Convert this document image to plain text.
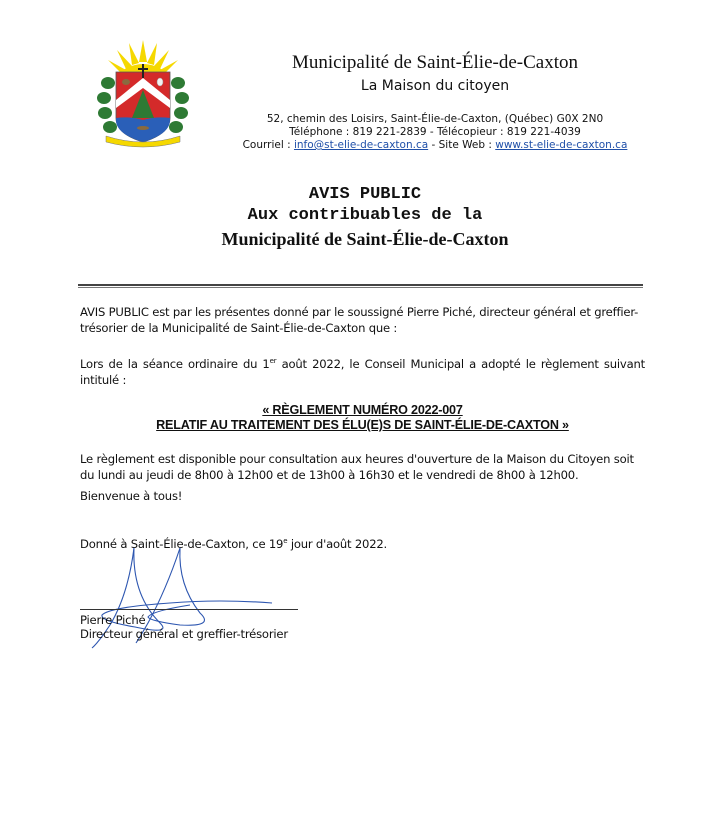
Municipalité de Saint-Élie-de-Caxton
La Maison du citoyen
52, chemin des Loisirs, Saint-Élie-de-Caxton, (Québec) G0X 2N0
Téléphone : 819 221-2839 - Télécopieur : 819 221-4039
Courriel : info@st-elie-de-caxton.ca - Site Web : www.st-elie-de-caxton.ca
AVIS PUBLIC
Aux contribuables de la
Municipalité de Saint-Élie-de-Caxton
AVIS PUBLIC est par les présentes donné par le soussigné Pierre Piché, directeur général et greffier-trésorier de la Municipalité de Saint-Élie-de-Caxton que :
Lors de la séance ordinaire du 1er août 2022, le Conseil Municipal a adopté le règlement suivant intitulé :
« RÈGLEMENT NUMÉRO 2022-007
RELATIF AU TRAITEMENT DES ÉLU(E)S DE SAINT-ÉLIE-DE-CAXTON »
Le règlement est disponible pour consultation aux heures d'ouverture de la Maison du Citoyen soit du lundi au jeudi de 8h00 à 12h00 et de 13h00 à 16h30 et le vendredi de 8h00 à 12h00.
Bienvenue à tous!
Donné à Saint-Élie-de-Caxton, ce 19e jour d'août 2022.
Pierre Piché
Directeur général et greffier-trésorier
